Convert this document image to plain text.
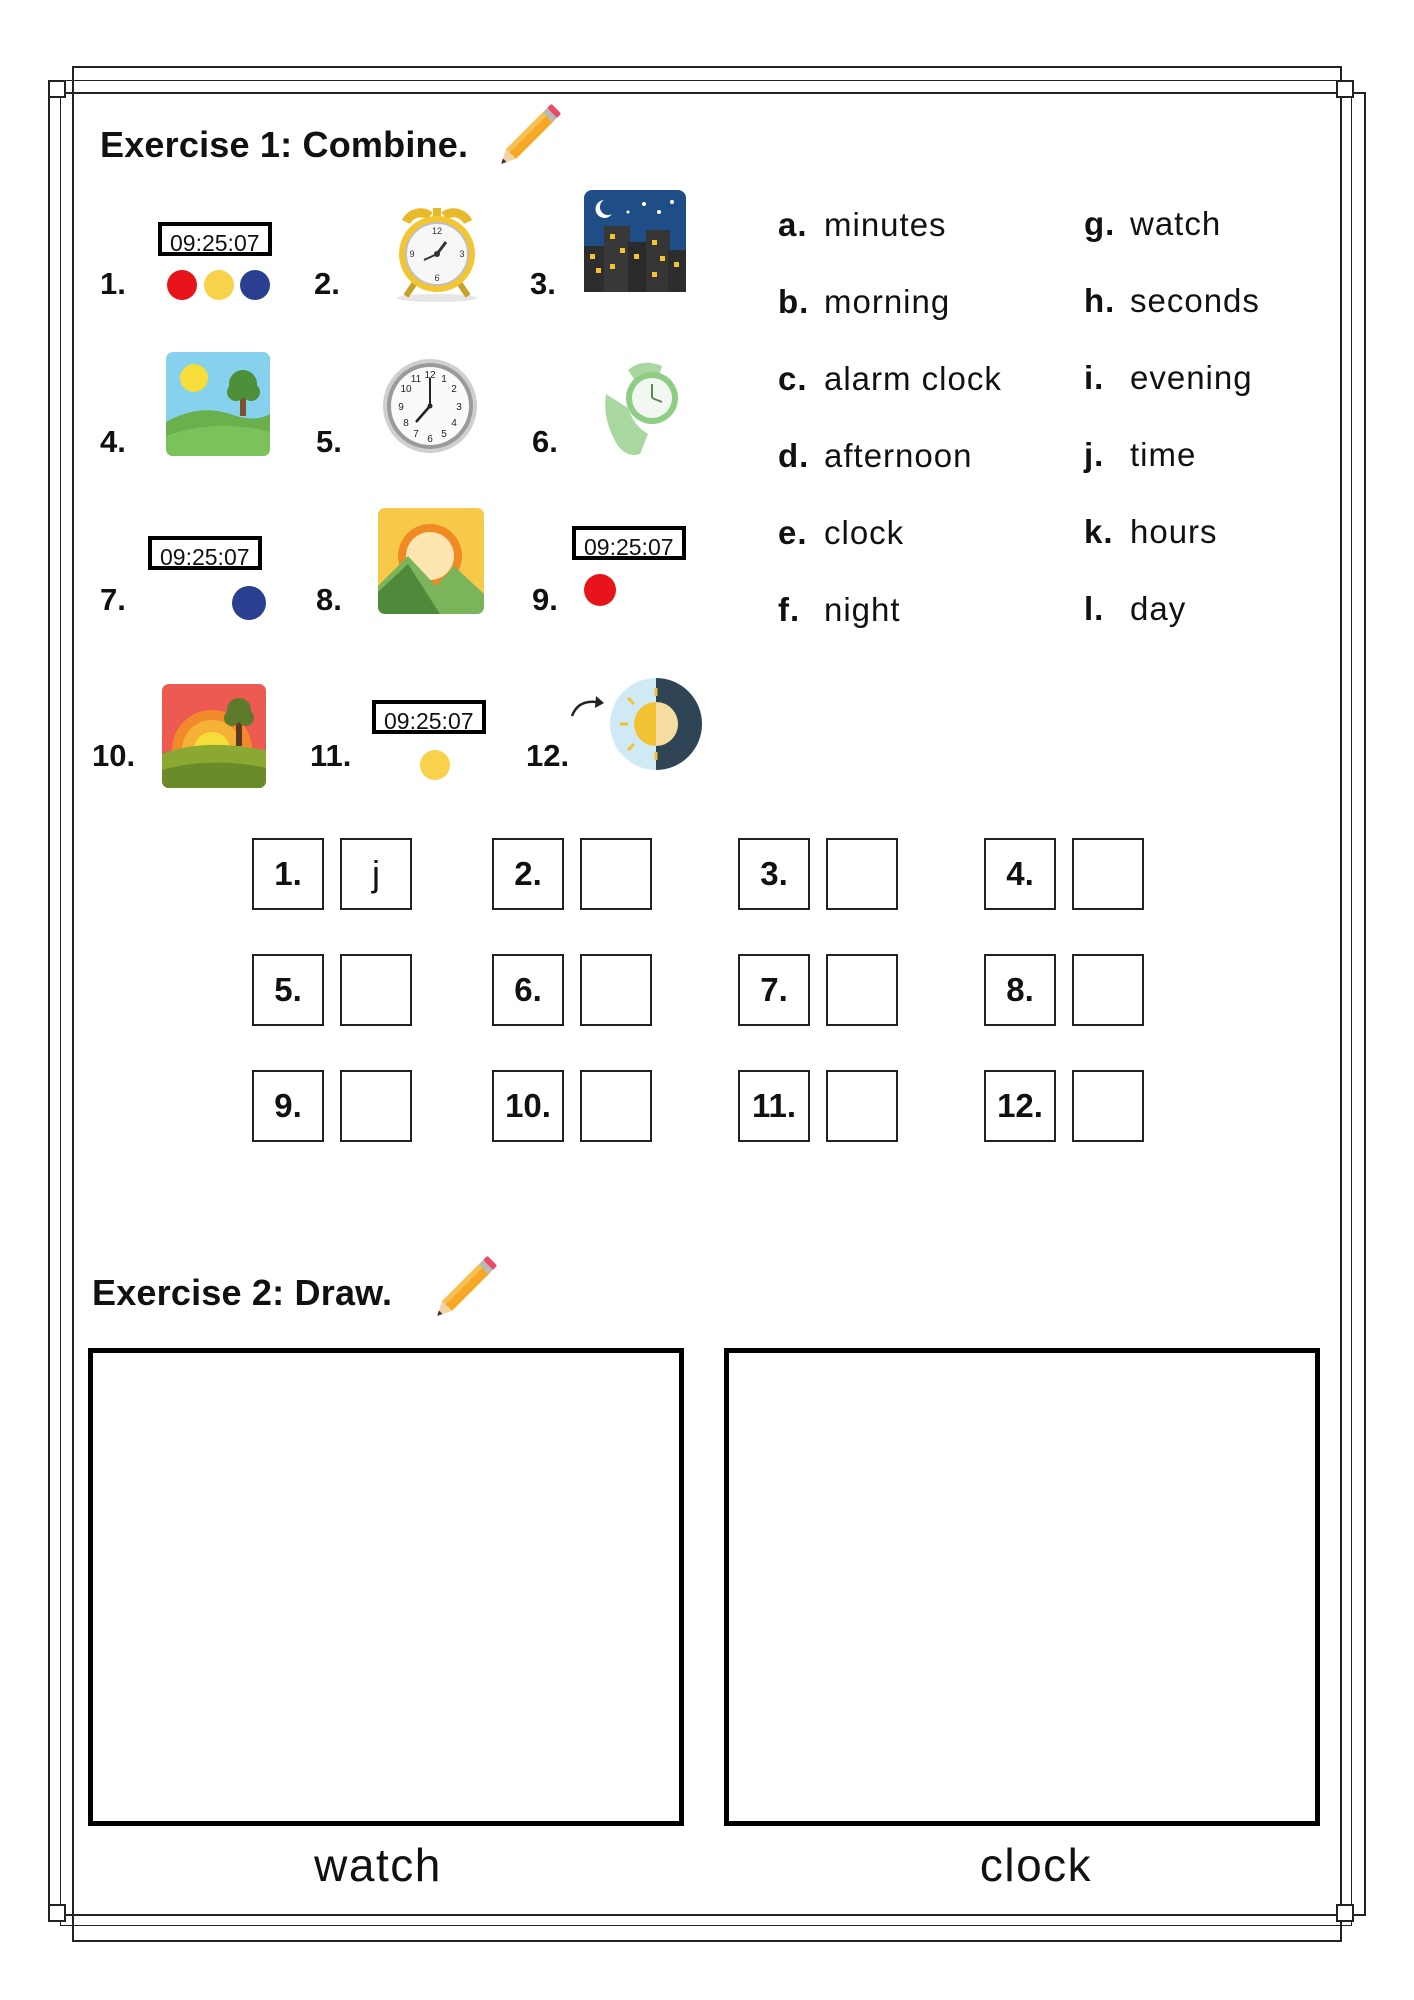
Exercise 1: Combine.
1.	2.	3.
4.	5.	6.
7.	8.	9.
10.	11.	12.
09:25:07	12
3
6
9
12 1
2
3
4
5
6
7
8
9
10
11
09:25:07	09:25:07
09:25:07
a. minutes
b. morning
c. alarm clock
d. afternoon
e. clock
f. night
g. watch
h. seconds
i. evening
j. time
k. hours
l. day
1.	j	2.	3.	4.
5.	6.	7.	8.
9.	10.	11.	12.
Exercise 2: Draw.
watch	clock
